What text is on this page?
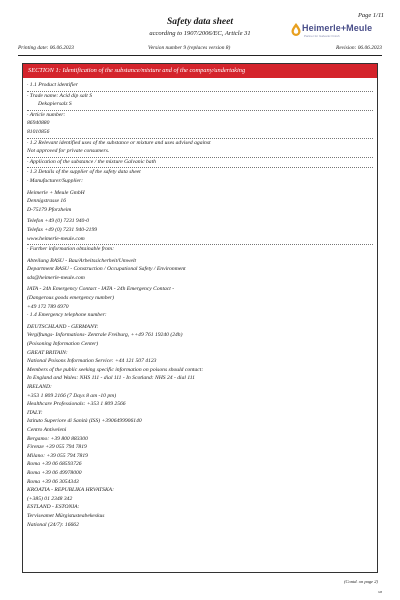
Page 1/11
Safety data sheet
according to 1907/2006/EC, Article 31
Heimerle+Meule
Partner for Galvanic Finish
Printing date: 06.06.2023	Version number 9 (replaces version 8)	Revision: 06.06.2023
SECTION 1: Identification of the substance/mixture and of the company/undertaking
· 1.1 Product identifier
· Trade name: Acid dip salt S
Dekapiersalz S
· Article number:
86940880
81010856
· 1.2 Relevant identified uses of the substance or mixture and uses advised against
Not approved for private consumers.
· Application of the substance / the mixture Galvanic bath
· 1.3 Details of the supplier of the safety data sheet
· Manufacturer/Supplier:
Heimerle + Meule GmbH
Dennigstrasse 16
D-75179 Pforzheim
Telefon +49 (0) 7231 940-0
Telefax +49 (0) 7231 940-2199
www.heimerle-meule.com
· Further information obtainable from:
Abteilung BASU - Bau/Arbeitssicherheit/Umwelt
Department BASU - Construction / Occupational Safety / Environment
sds@heimerle-meule.com
IATA - 24h Emergency Contact - IATA - 24h Emergency Contact -
(Dangerous goods emergency number)
+49 172 789 6970
· 1.4 Emergency telephone number:
DEUTSCHLAND - GERMANY:
Vergiftungs- Informations- Zentrale Freiburg, ++49 761 19240 (24h)
(Poisoning Information Center)
GREAT BRITAIN:
National Poisons Information Service: +44 121 507 4123
Members of the public seeking specific information on poisons should contact:
In England and Wales: NHS 111 - dial 111 - In Scotland: NHS 24 - dial 111
IRELAND:
+353 1 809 2166 (7 Days 8 am -10 pm)
Healthcare Professionals: +353 1 809 2566
ITALY:
Istituto Superiore di Sanità (ISS) +3906499906140
Centro Antiveleni
Bergamo: +39 800 883300
Firenze +39 055 794 7819
Milano: +39 055 794 7819
Roma +39 06 68593726
Roma +39 06 49978000
Roma +39 06 3054343
KROATIA - REPUBLIKA HRVATSKA:
(+385) 01 2348 342
ESTLAND - ESTONIA:
Terviseamet Mürgistusteabekeskus
National (24/7): 16662
(Contd. on page 2)
GB
